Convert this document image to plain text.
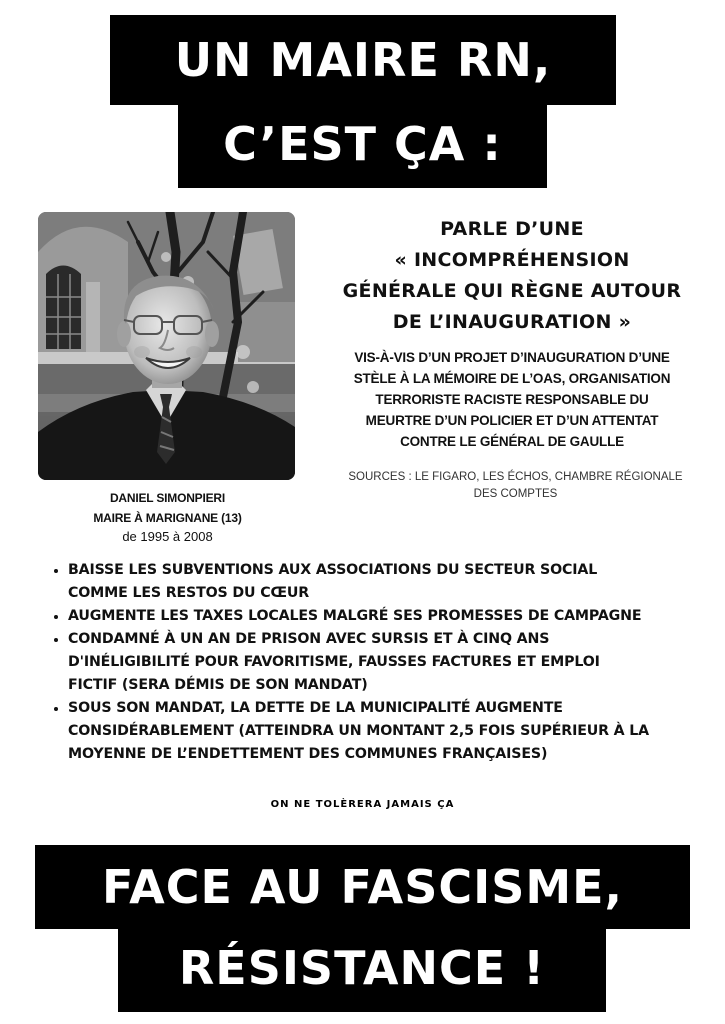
UN MAIRE RN,
C’EST ÇA :
DANIEL SIMONPIERI
MAIRE À MARIGNANE (13)
de 1995 à 2008
PARLE D’UNE
« INCOMPRÉHENSION
GÉNÉRALE QUI RÈGNE AUTOUR
DE L’INAUGURATION »
VIS-À-VIS D’UN PROJET D’INAUGURATION D’UNE
STÈLE À LA MÉMOIRE DE L’OAS, ORGANISATION
TERRORISTE RACISTE RESPONSABLE DU
MEURTRE D’UN POLICIER ET D’UN ATTENTAT
CONTRE LE GÉNÉRAL DE GAULLE
SOURCES : LE FIGARO, LES ÉCHOS, CHAMBRE RÉGIONALE
DES COMPTES
BAISSE LES SUBVENTIONS AUX ASSOCIATIONS DU SECTEUR SOCIAL
COMME LES RESTOS DU CŒUR
AUGMENTE LES TAXES LOCALES MALGRÉ SES PROMESSES DE CAMPAGNE
CONDAMNÉ À UN AN DE PRISON AVEC SURSIS ET À CINQ ANS
D'INÉLIGIBILITÉ POUR FAVORITISME, FAUSSES FACTURES ET EMPLOI
FICTIF (SERA DÉMIS DE SON MANDAT)
SOUS SON MANDAT, LA DETTE DE LA MUNICIPALITÉ AUGMENTE
CONSIDÉRABLEMENT (ATTEINDRA UN MONTANT 2,5 FOIS SUPÉRIEUR À LA
MOYENNE DE L’ENDETTEMENT DES COMMUNES FRANÇAISES)
ON NE TOLÈRERA JAMAIS ÇA
FACE AU FASCISME,
RÉSISTANCE !
